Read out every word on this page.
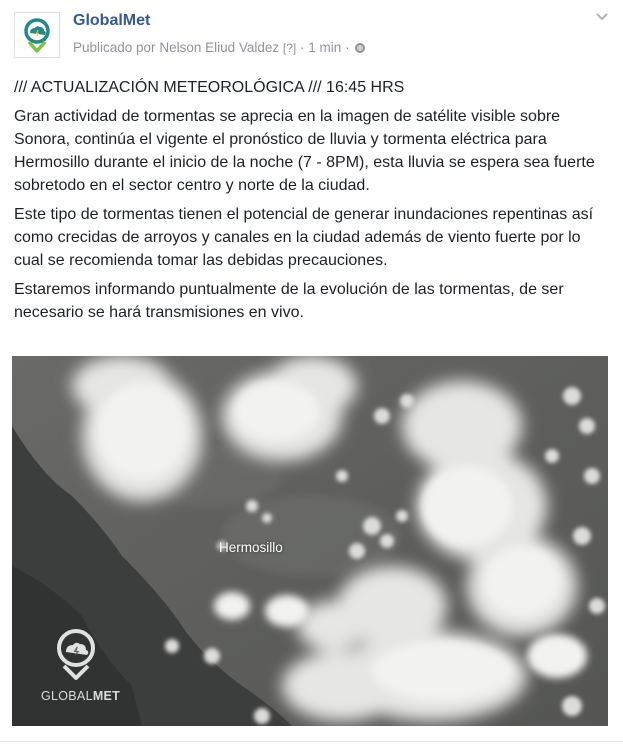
GlobalMet
Publicado por Nelson Eliud Valdez [?] · 1 min ·

/// ACTUALIZACIÓN METEOROLÓGICA /// 16:45 HRS

Gran actividad de tormentas se aprecia en la imagen de satélite visible sobre Sonora, continúa el vigente el pronóstico de lluvia y tormenta eléctrica para Hermosillo durante el inicio de la noche (7 - 8PM), esta lluvia se espera sea fuerte sobretodo en el sector centro y norte de la ciudad.

Este tipo de tormentas tienen el potencial de generar inundaciones repentinas así como crecidas de arroyos y canales en la ciudad además de viento fuerte por lo cual se recomienda tomar las debidas precauciones.

Estaremos informando puntualmente de la evolución de las tormentas, de ser necesario se hará transmisiones en vivo.

Hermosillo
GLOBALMET
